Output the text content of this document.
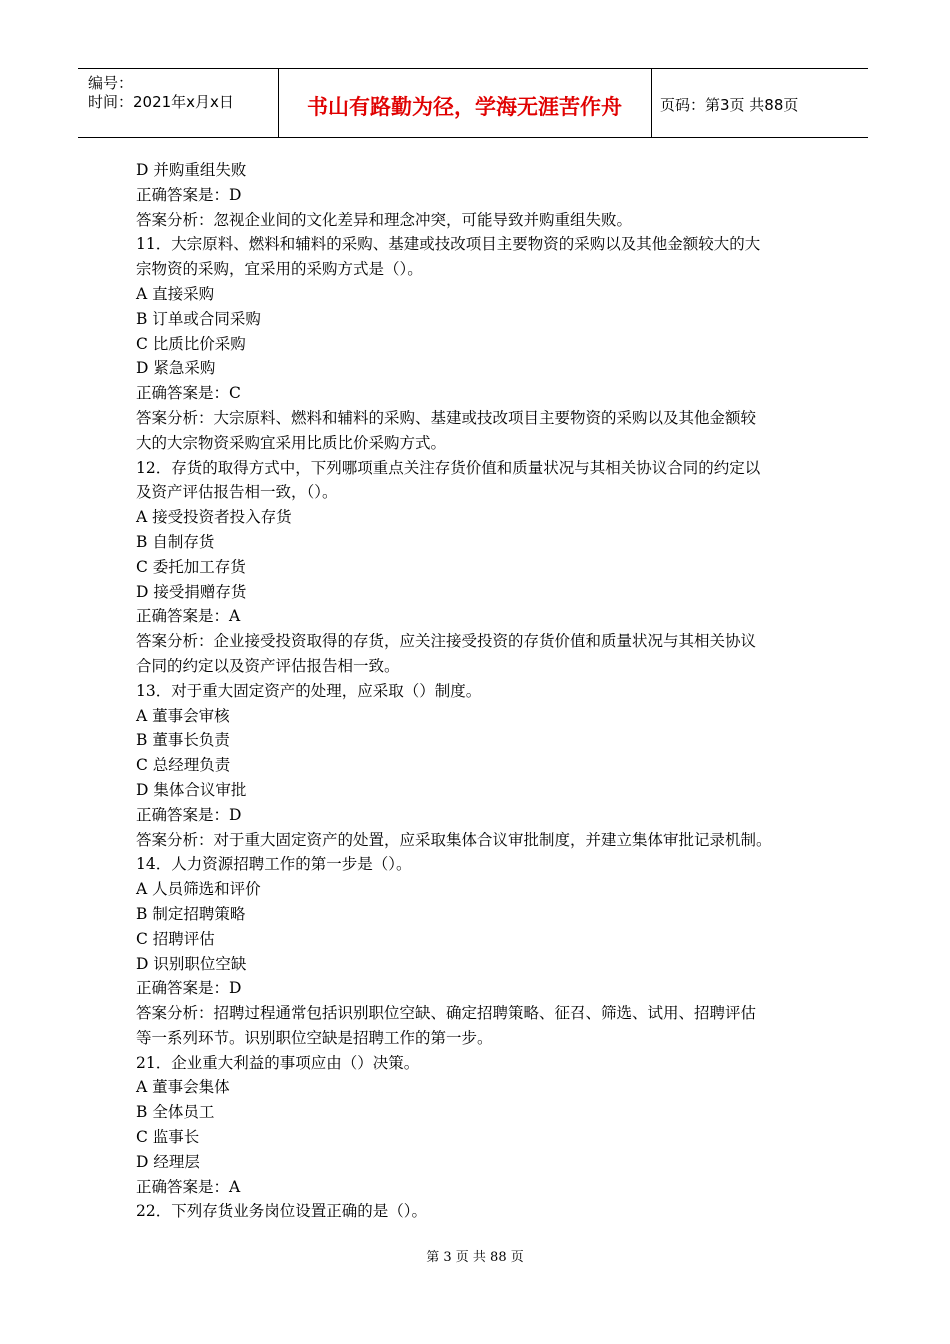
编号：
时间：2021年x月x日	书山有路勤为径，学海无涯苦作舟	页码：第3页 共88页
D 并购重组失败
正确答案是：D
答案分析：忽视企业间的文化差异和理念冲突，可能导致并购重组失败。
11．大宗原料、燃料和辅料的采购、基建或技改项目主要物资的采购以及其他金额较大的大
宗物资的采购，宜采用的采购方式是（）。
A 直接采购
B 订单或合同采购
C 比质比价采购
D 紧急采购
正确答案是：C
答案分析：大宗原料、燃料和辅料的采购、基建或技改项目主要物资的采购以及其他金额较
大的大宗物资采购宜采用比质比价采购方式。
12．存货的取得方式中，下列哪项重点关注存货价值和质量状况与其相关协议合同的约定以
及资产评估报告相一致，（）。
A 接受投资者投入存货
B 自制存货
C 委托加工存货
D 接受捐赠存货
正确答案是：A
答案分析：企业接受投资取得的存货，应关注接受投资的存货价值和质量状况与其相关协议
合同的约定以及资产评估报告相一致。
13．对于重大固定资产的处理，应采取（）制度。
A 董事会审核
B 董事长负责
C 总经理负责
D 集体合议审批
正确答案是：D
答案分析：对于重大固定资产的处置，应采取集体合议审批制度，并建立集体审批记录机制。
14．人力资源招聘工作的第一步是（）。
A 人员筛选和评价
B 制定招聘策略
C 招聘评估
D 识别职位空缺
正确答案是：D
答案分析：招聘过程通常包括识别职位空缺、确定招聘策略、征召、筛选、试用、招聘评估
等一系列环节。识别职位空缺是招聘工作的第一步。
21．企业重大利益的事项应由（）决策。
A 董事会集体
B 全体员工
C 监事长
D 经理层
正确答案是：A
22．下列存货业务岗位设置正确的是（）。
第 3 页 共 88 页
